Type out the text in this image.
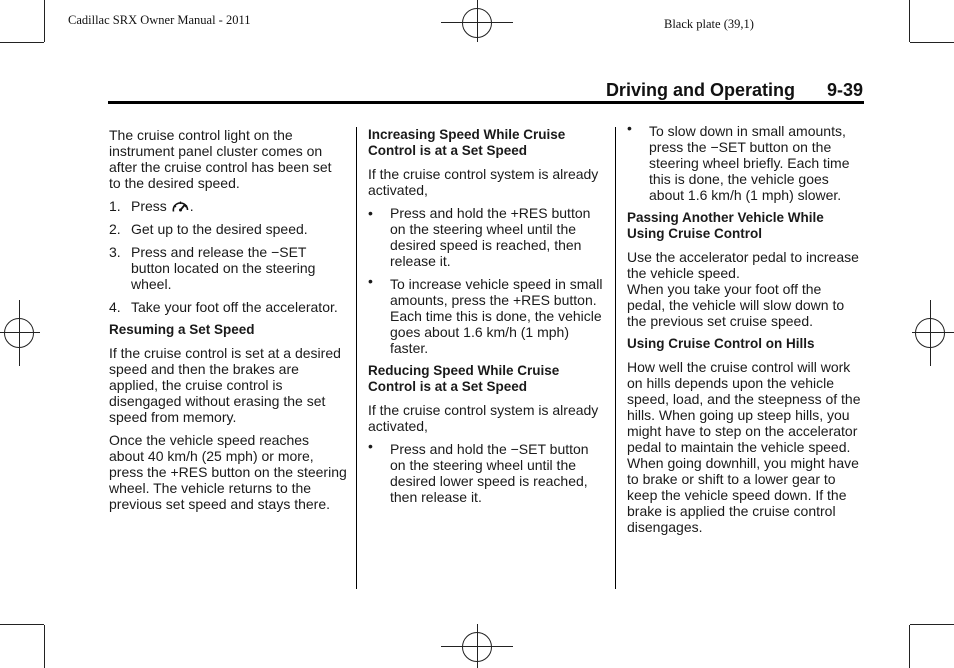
Cadillac SRX Owner Manual - 2011	Black plate (39,1)
Driving and Operating 9-39

The cruise control light on the instrument panel cluster comes on after the cruise control has been set to the desired speed.

1. Press .
2. Get up to the desired speed.
3. Press and release the −SET button located on the steering wheel.
4. Take your foot off the accelerator.
Resuming a Set Speed

If the cruise control is set at a desired speed and then the brakes are applied, the cruise control is disengaged without erasing the set speed from memory.

Once the vehicle speed reaches about 40 km/h (25 mph) or more, press the +RES button on the steering wheel. The vehicle returns to the previous set speed and stays there.

Increasing Speed While Cruise Control is at a Set Speed

If the cruise control system is already activated,

• Press and hold the +RES button on the steering wheel until the desired speed is reached, then release it.
• To increase vehicle speed in small amounts, press the +RES button. Each time this is done, the vehicle goes about 1.6 km/h (1 mph) faster.
Reducing Speed While Cruise Control is at a Set Speed

If the cruise control system is already activated,

• Press and hold the −SET button on the steering wheel until the desired lower speed is reached, then release it.
• To slow down in small amounts, press the −SET button on the steering wheel briefly. Each time this is done, the vehicle goes about 1.6 km/h (1 mph) slower.
Passing Another Vehicle While Using Cruise Control

Use the accelerator pedal to increase the vehicle speed.

When you take your foot off the pedal, the vehicle will slow down to the previous set cruise speed.

Using Cruise Control on Hills

How well the cruise control will work on hills depends upon the vehicle speed, load, and the steepness of the hills. When going up steep hills, you might have to step on the accelerator pedal to maintain the vehicle speed. When going downhill, you might have to brake or shift to a lower gear to keep the vehicle speed down. If the brake is applied the cruise control disengages.
